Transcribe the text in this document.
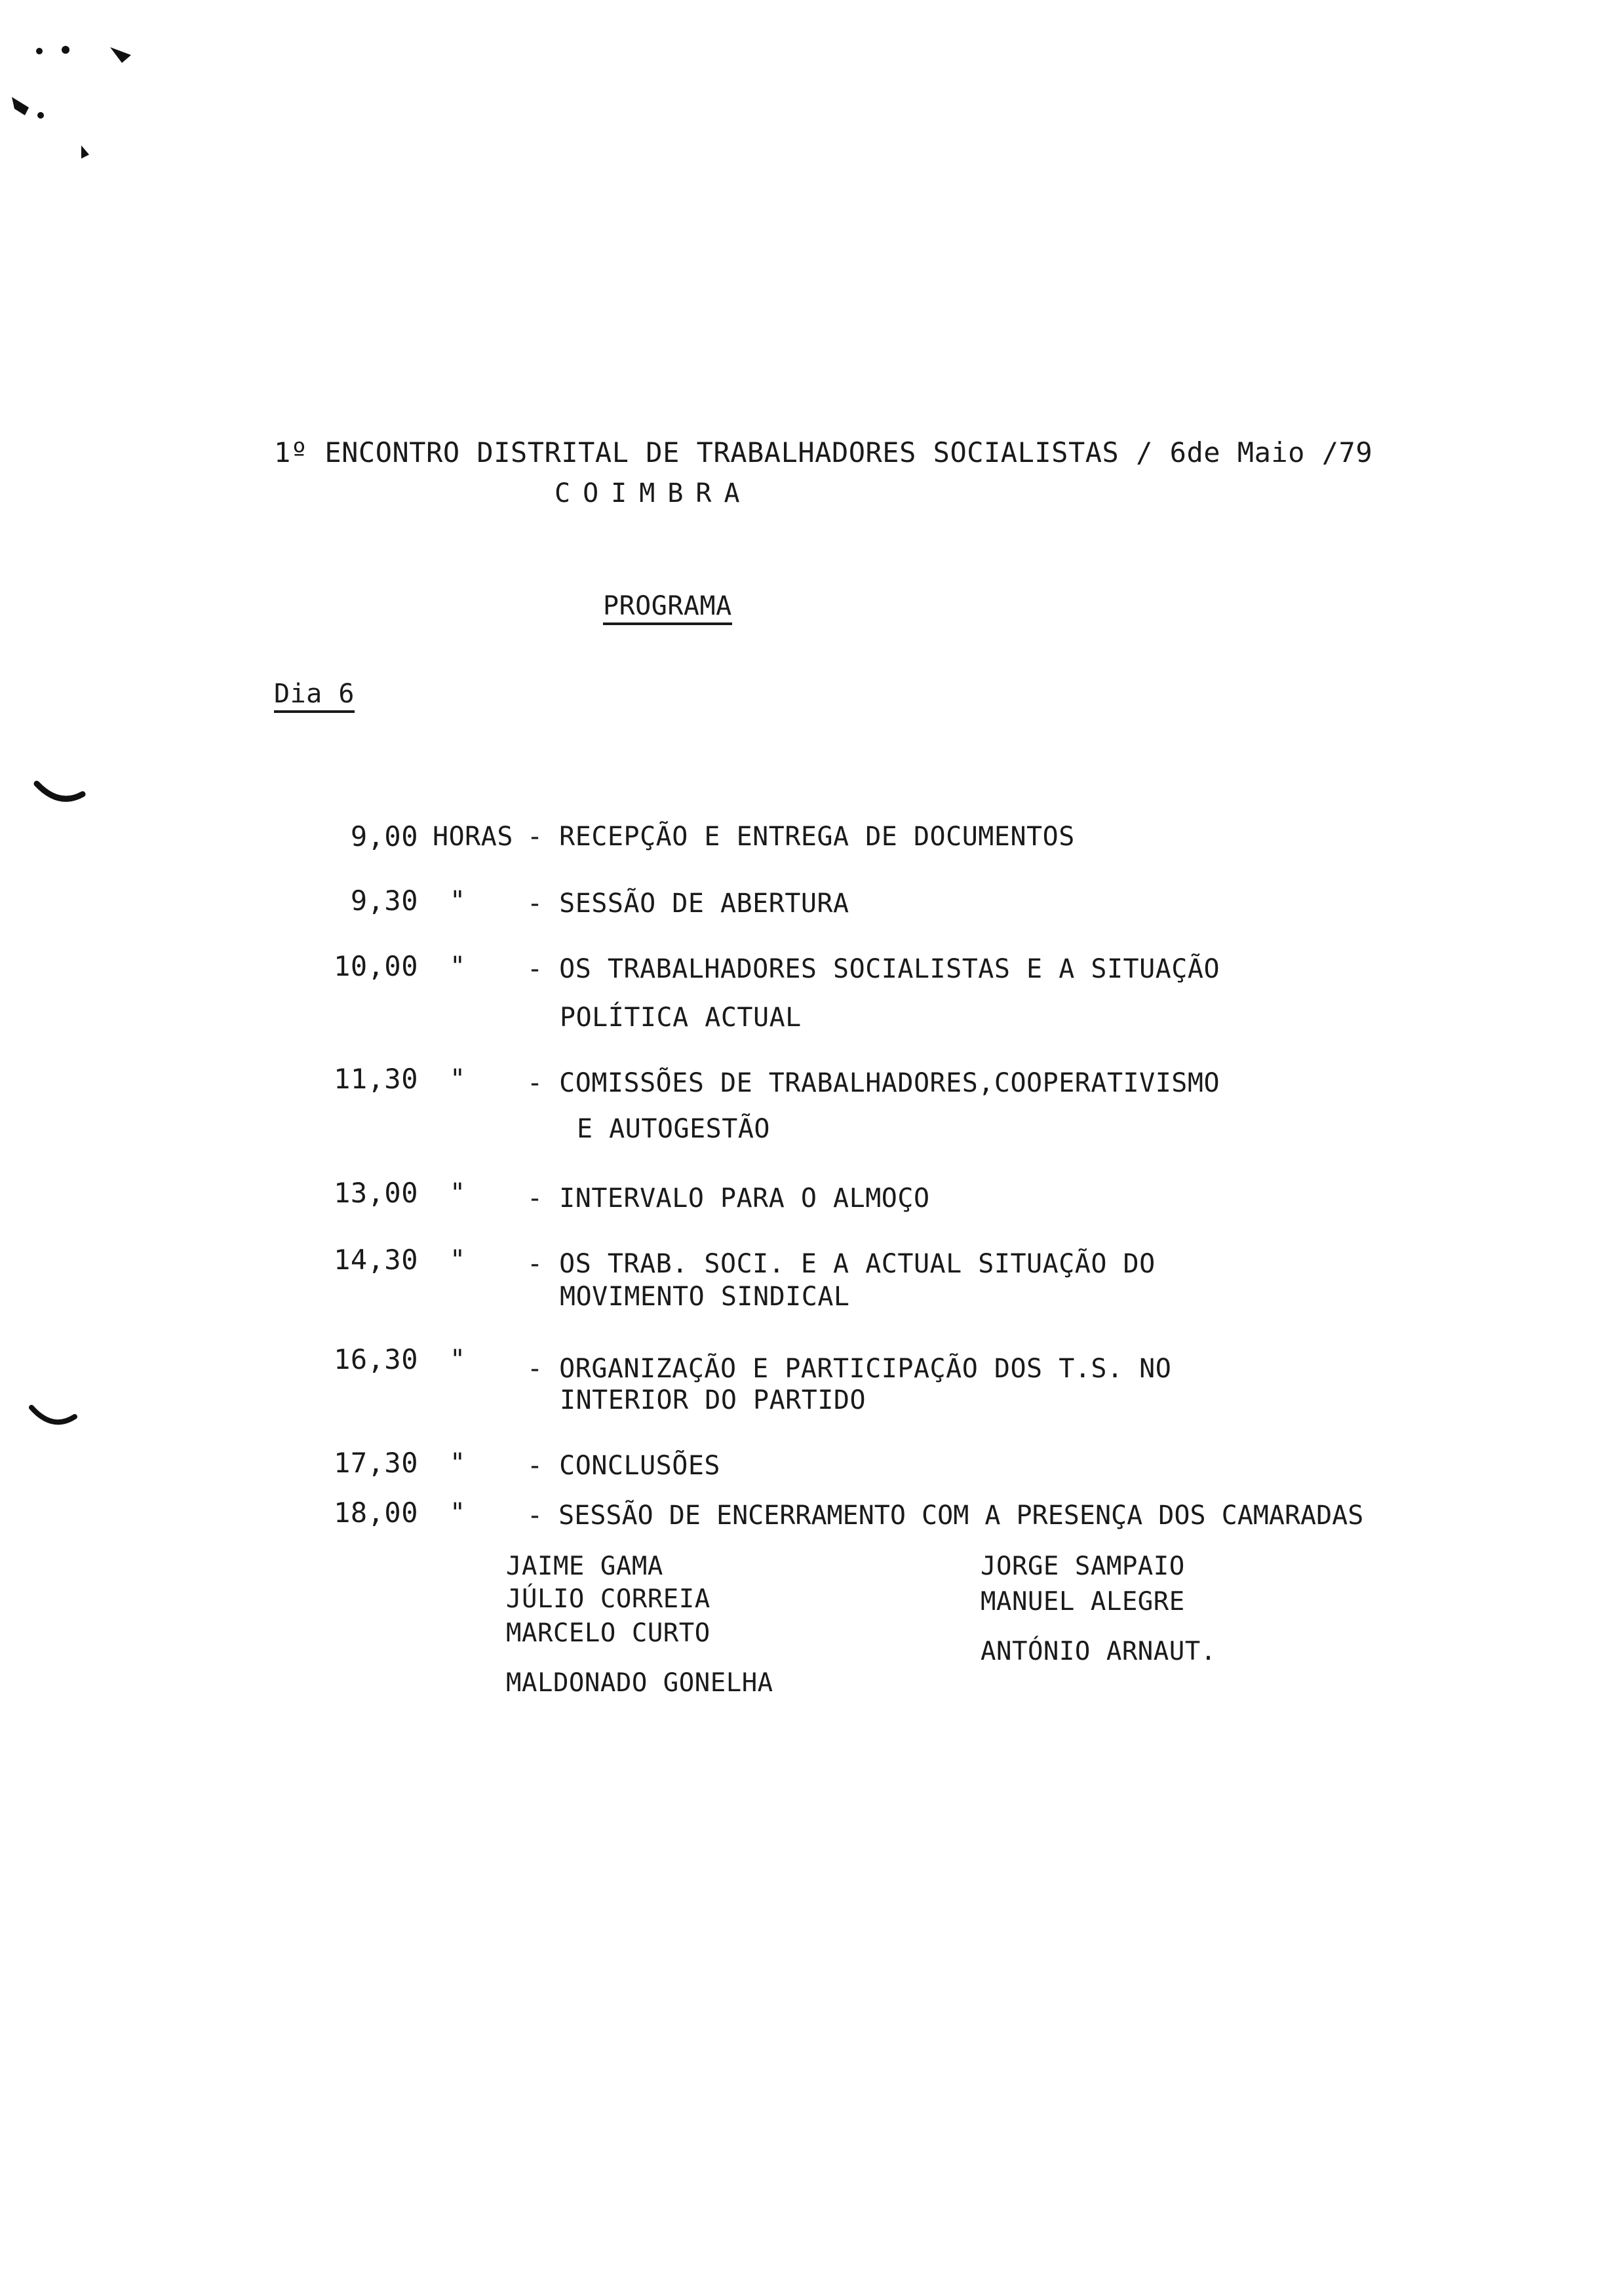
1º ENCONTRO DISTRITAL DE TRABALHADORES SOCIALISTAS / 6de Maio /79
COIMBRA
PROGRAMA
Dia 6
9,00 HORAS - RECEPÇÃO E ENTREGA DE DOCUMENTOS
9,30 " - SESSÃO DE ABERTURA
10,00 " - OS TRABALHADORES SOCIALISTAS E A SITUAÇÃO
POLÍTICA ACTUAL
11,30 " - COMISSÕES DE TRABALHADORES,COOPERATIVISMO
E AUTOGESTÃO
13,00 " - INTERVALO PARA O ALMOÇO
14,30 " - OS TRAB. SOCI. E A ACTUAL SITUAÇÃO DO
MOVIMENTO SINDICAL
16,30 " - ORGANIZAÇÃO E PARTICIPAÇÃO DOS T.S. NO
INTERIOR DO PARTIDO
17,30 " - CONCLUSÕES
18,00 " - SESSÃO DE ENCERRAMENTO COM A PRESENÇA DOS CAMARADAS
JAIME GAMA
JÚLIO CORREIA
MARCELO CURTO
MALDONADO GONELHA
JORGE SAMPAIO
MANUEL ALEGRE
ANTÓNIO ARNAUT.
